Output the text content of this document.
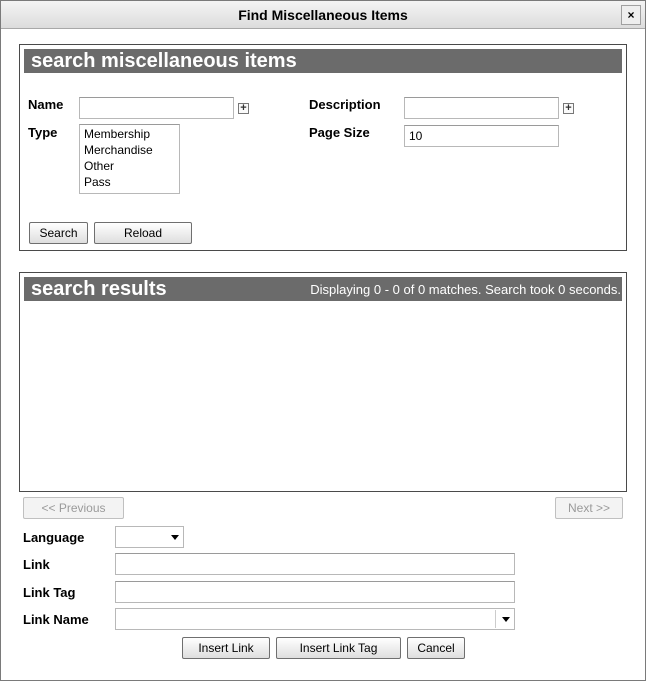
Find Miscellaneous Items	×
search miscellaneous items
Name	+	Description	+
Type Membership
Merchandise
Other
Pass
Page Size
10
Search	Reload
search results	Displaying 0 - 0 of 0 matches. Search took 0 seconds.
<< Previous	Next >>
Language
Link
Link Tag
Link Name
Insert Link	Insert Link Tag	Cancel
